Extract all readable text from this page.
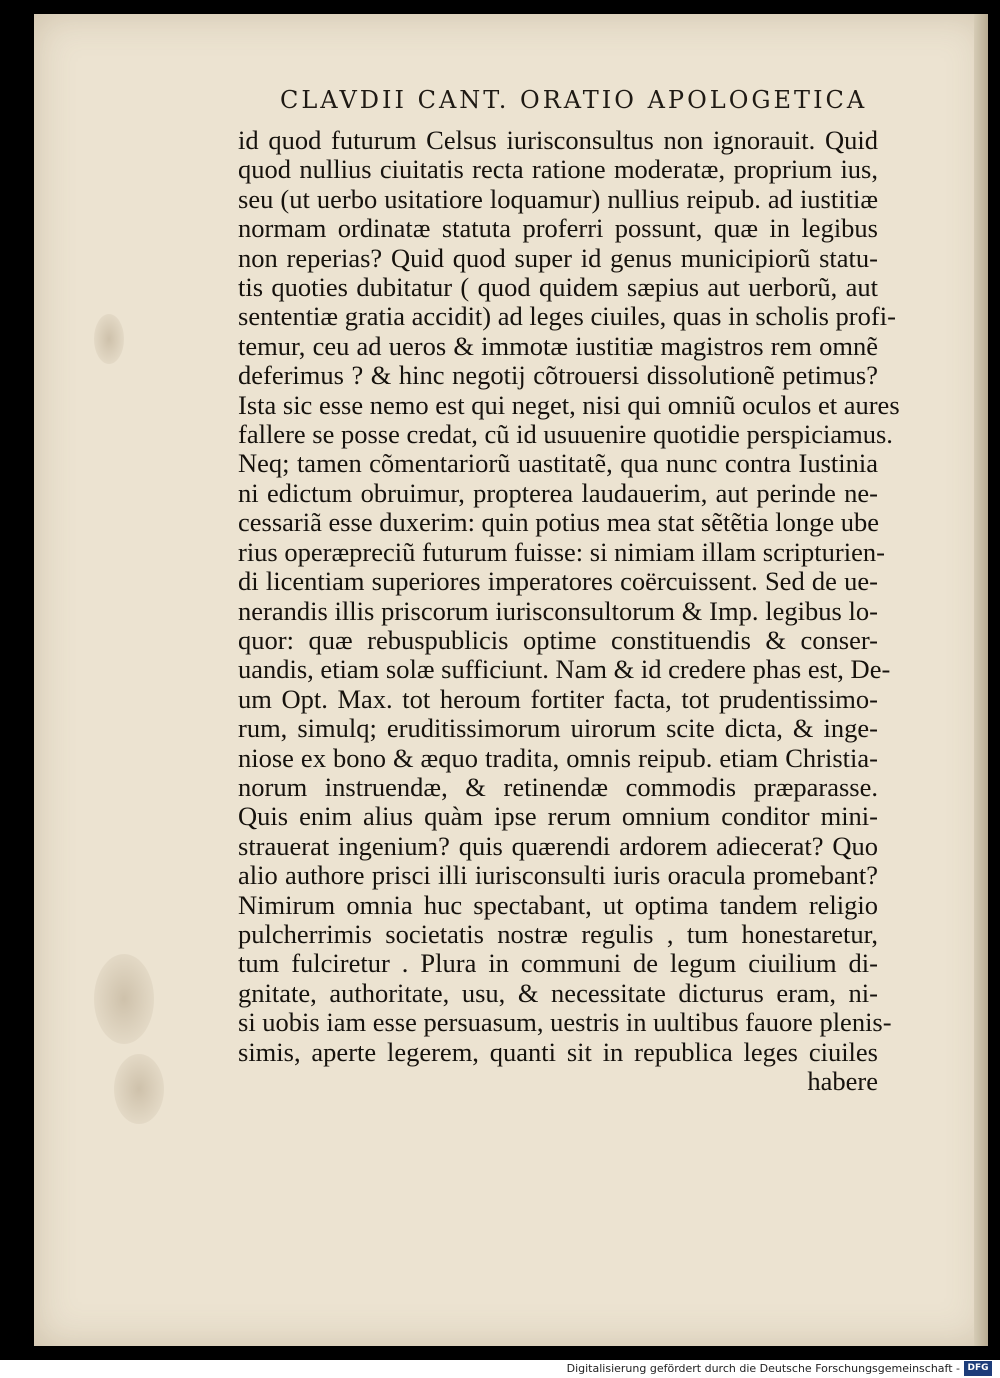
CLAVDII CANT. ORATIO APOLOGETICA
id quod futurum Celsus iurisconsultus non ignorauit. Quid
quod nullius ciuitatis recta ratione moderatæ, proprium ius,
seu (ut uerbo usitatiore loquamur) nullius reipub. ad iustitiæ
normam ordinatæ statuta proferri possunt, quæ in legibus
non reperias? Quid quod super id genus municipiorũ statu-
tis quoties dubitatur ( quod quidem sæpius aut uerborũ, aut
sententiæ gratia accidit) ad leges ciuiles, quas in scholis profi-
temur, ceu ad ueros & immotæ iustitiæ magistros rem omnẽ
deferimus ? & hinc negotij cõtrouersi dissolutionẽ petimus?
Ista sic esse nemo est qui neget, nisi qui omniũ oculos et aures
fallere se posse credat, cũ id usuuenire quotidie perspiciamus.
Neq; tamen cõmentariorũ uastitatẽ, qua nunc contra Iustinia
ni edictum obruimur, propterea laudauerim, aut perinde ne-
cessariã esse duxerim: quin potius mea stat sẽtẽtia longe ube
rius operæpreciũ futurum fuisse: si nimiam illam scripturien-
di licentiam superiores imperatores coërcuissent. Sed de ue-
nerandis illis priscorum iurisconsultorum & Imp. legibus lo-
quor: quæ rebuspublicis optime constituendis & conser-
uandis, etiam solæ sufficiunt. Nam & id credere phas est, De-
um Opt. Max. tot heroum fortiter facta, tot prudentissimo-
rum, simulq; eruditissimorum uirorum scite dicta, & inge-
niose ex bono & æquo tradita, omnis reipub. etiam Christia-
norum instruendæ, & retinendæ commodis præparasse.
Quis enim alius quàm ipse rerum omnium conditor mini-
strauerat ingenium? quis quærendi ardorem adiecerat? Quo
alio authore prisci illi iurisconsulti iuris oracula promebant?
Nimirum omnia huc spectabant, ut optima tandem religio
pulcherrimis societatis nostræ regulis , tum honestaretur,
tum fulciretur . Plura in communi de legum ciuilium di-
gnitate, authoritate, usu, & necessitate dicturus eram, ni-
si uobis iam esse persuasum, uestris in uultibus fauore plenis-
simis, aperte legerem, quanti sit in republica leges ciuiles
habere
Digitalisierung gefördert durch die Deutsche Forschungsgemeinschaft - DFG
